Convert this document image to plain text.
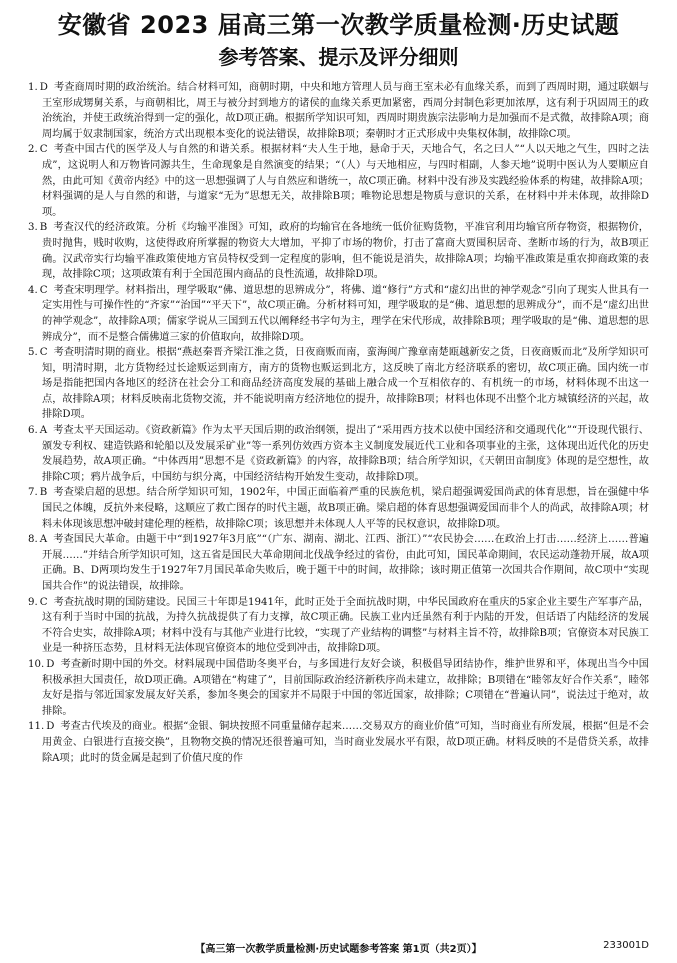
安徽省 2023 届高三第一次教学质量检测·历史试题
参考答案、提示及评分细则

1. D 考查商周时期的政治统治。结合材料可知，商朝时期，中央和地方管理人员与商王室未必有血缘关系，而到了西周时期，通过联姻与王室形成甥舅关系，与商朝相比，周王与被分封到地方的诸侯的血缘关系更加紧密，西周分封制色彩更加浓厚，这有利于巩固周王的政治统治，并使王政统治得到一定的强化，故D项正确。根据所学知识可知，西周时期贵族宗法影响力是加强而不是式微，故排除A项；商周均属于奴隶制国家，统治方式出现根本变化的说法错误，故排除B项；秦朝时才正式形成中央集权体制，故排除C项。

2. C 考查中国古代的医学及人与自然的和谐关系。根据材料“夫人生于地，悬命于天，天地合气，名之曰人”“人以天地之气生，四时之法成”，这说明人和万物皆同源共生，生命现象是自然演变的结果；“（人）与天地相应，与四时相副，人参天地”说明中医认为人要顺应自然，由此可知《黄帝内经》中的这一思想强调了人与自然应和谐统一，故C项正确。材料中没有涉及实践经验体系的构建，故排除A项；材料强调的是人与自然的和谐，与道家“无为”思想无关，故排除B项；唯物论思想是物质与意识的关系，在材料中并未体现，故排除D项。

3. B 考查汉代的经济政策。分析《均输平准图》可知，政府的均输官在各地统一低价征购货物，平准官利用均输官所存物资，根据物价，贵时抛售，贱时收购，这使得政府所掌握的物资大大增加，平抑了市场的物价，打击了富商大贾囤积居奇、垄断市场的行为，故B项正确。汉武帝实行均输平准政策使地方官员特权受到一定程度的影响，但不能说是消失，故排除A项；均输平准政策是重农抑商政策的表现，故排除C项；这项政策有利于全国范围内商品的良性流通，故排除D项。

4. C 考查宋明理学。材料指出，理学吸取“佛、道思想的思辨成分”，将佛、道“修行”方式和“虚幻出世的神学观念”引向了现实人世具有一定实用性与可操作性的“齐家”“治国”“平天下”，故C项正确。分析材料可知，理学吸取的是“佛、道思想的思辨成分”，而不是“虚幻出世的神学观念”，故排除A项；儒家学说从三国到五代以阐释经书字句为主，理学在宋代形成，故排除B项；理学吸取的是“佛、道思想的思辨成分”，而不是整合儒佛道三家的价值取向，故排除D项。

5. C 考查明清时期的商业。根据“燕赵秦晋齐梁江淮之货，日夜商贩而南，蛮海闽广豫章南楚瓯越新安之货，日夜商贩而北”及所学知识可知，明清时期，北方货物经过长途贩运到南方，南方的货物也贩运到北方，这反映了南北方经济联系的密切，故C项正确。国内统一市场是指能把国内各地区的经济在社会分工和商品经济高度发展的基础上融合成一个互相依存的、有机统一的市场，材料体现不出这一点，故排除A项；材料反映南北货物交流，并不能说明南方经济地位的提升，故排除B项；材料也体现不出整个北方城镇经济的兴起，故排除D项。

6. A 考查太平天国运动。《资政新篇》作为太平天国后期的政治纲领，提出了“采用西方技术以使中国经济和交通现代化”“开设现代银行、颁发专利权、建造铁路和轮船以及发展采矿业”等一系列仿效西方资本主义制度发展近代工业和各项事业的主张，这体现出近代化的历史发展趋势，故A项正确。“中体西用”思想不是《资政新篇》的内容，故排除B项；结合所学知识，《天朝田亩制度》体现的是空想性，故排除C项；鸦片战争后，中国纺与织分离，中国经济结构开始发生变动，故排除D项。

7. B 考查梁启超的思想。结合所学知识可知，1902年，中国正面临着严重的民族危机，梁启超强调爱国尚武的体育思想，旨在强健中华国民之体魄，反抗外来侵略，这顺应了救亡图存的时代主题，故B项正确。梁启超的体育思想强调爱国而非个人的尚武，故排除A项；材料未体现该思想冲破封建伦理的桎梏，故排除C项；该思想并未体现人人平等的民权意识，故排除D项。

8. A 考查国民大革命。由题干中“到1927年3月底”“（广东、湖南、湖北、江西、浙江）”“农民协会……在政治上打击……经济上……普遍开展……”并结合所学知识可知，这五省是国民大革命期间北伐战争经过的省份，由此可知，国民革命期间，农民运动蓬勃开展，故A项正确。B、D两项均发生于1927年7月国民革命失败后，晚于题干中的时间，故排除；该时期正值第一次国共合作期间，故C项中“实现国共合作”的说法错误，故排除。

9. C 考查抗战时期的国防建设。民国三十年即是1941年，此时正处于全面抗战时期，中华民国政府在重庆的5家企业主要生产军事产品，这有利于当时中国的抗战，为持久抗战提供了有力支撑，故C项正确。民族工业内迁虽然有利于内陆的开发，但话语了内陆经济的发展不符合史实，故排除A项；材料中没有与其他产业进行比较，“实现了产业结构的调整”与材料主旨不符，故排除B项；官僚资本对民族工业是一种挤压态势，且材料无法体现官僚资本的地位受到冲击，故排除D项。

10. D 考查新时期中国的外交。材料展现中国借助冬奥平台，与多国进行友好会谈，积极倡导团结协作，维护世界和平，体现出当今中国积极承担大国责任，故D项正确。A项错在“构建了”，目前国际政治经济新秩序尚未建立，故排除；B项错在“睦邻友好合作关系”，睦邻友好是指与邻近国家发展友好关系，参加冬奥会的国家并不局限于中国的邻近国家，故排除；C项错在“普遍认同”，说法过于绝对，故排除。

11. D 考查古代埃及的商业。根据“金银、铜块按照不同重量储存起来……交易双方的商业价值”可知，当时商业有所发展，根据“但是不会用黄金、白银进行直接交换”，且物物交换的情况还很普遍可知，当时商业发展水平有限，故D项正确。材料反映的不是借贷关系，故排除A项；此时的货金属是起到了价值尺度的作

【高三第一次教学质量检测·历史试题参考答案 第1页（共2页）】	233001D
